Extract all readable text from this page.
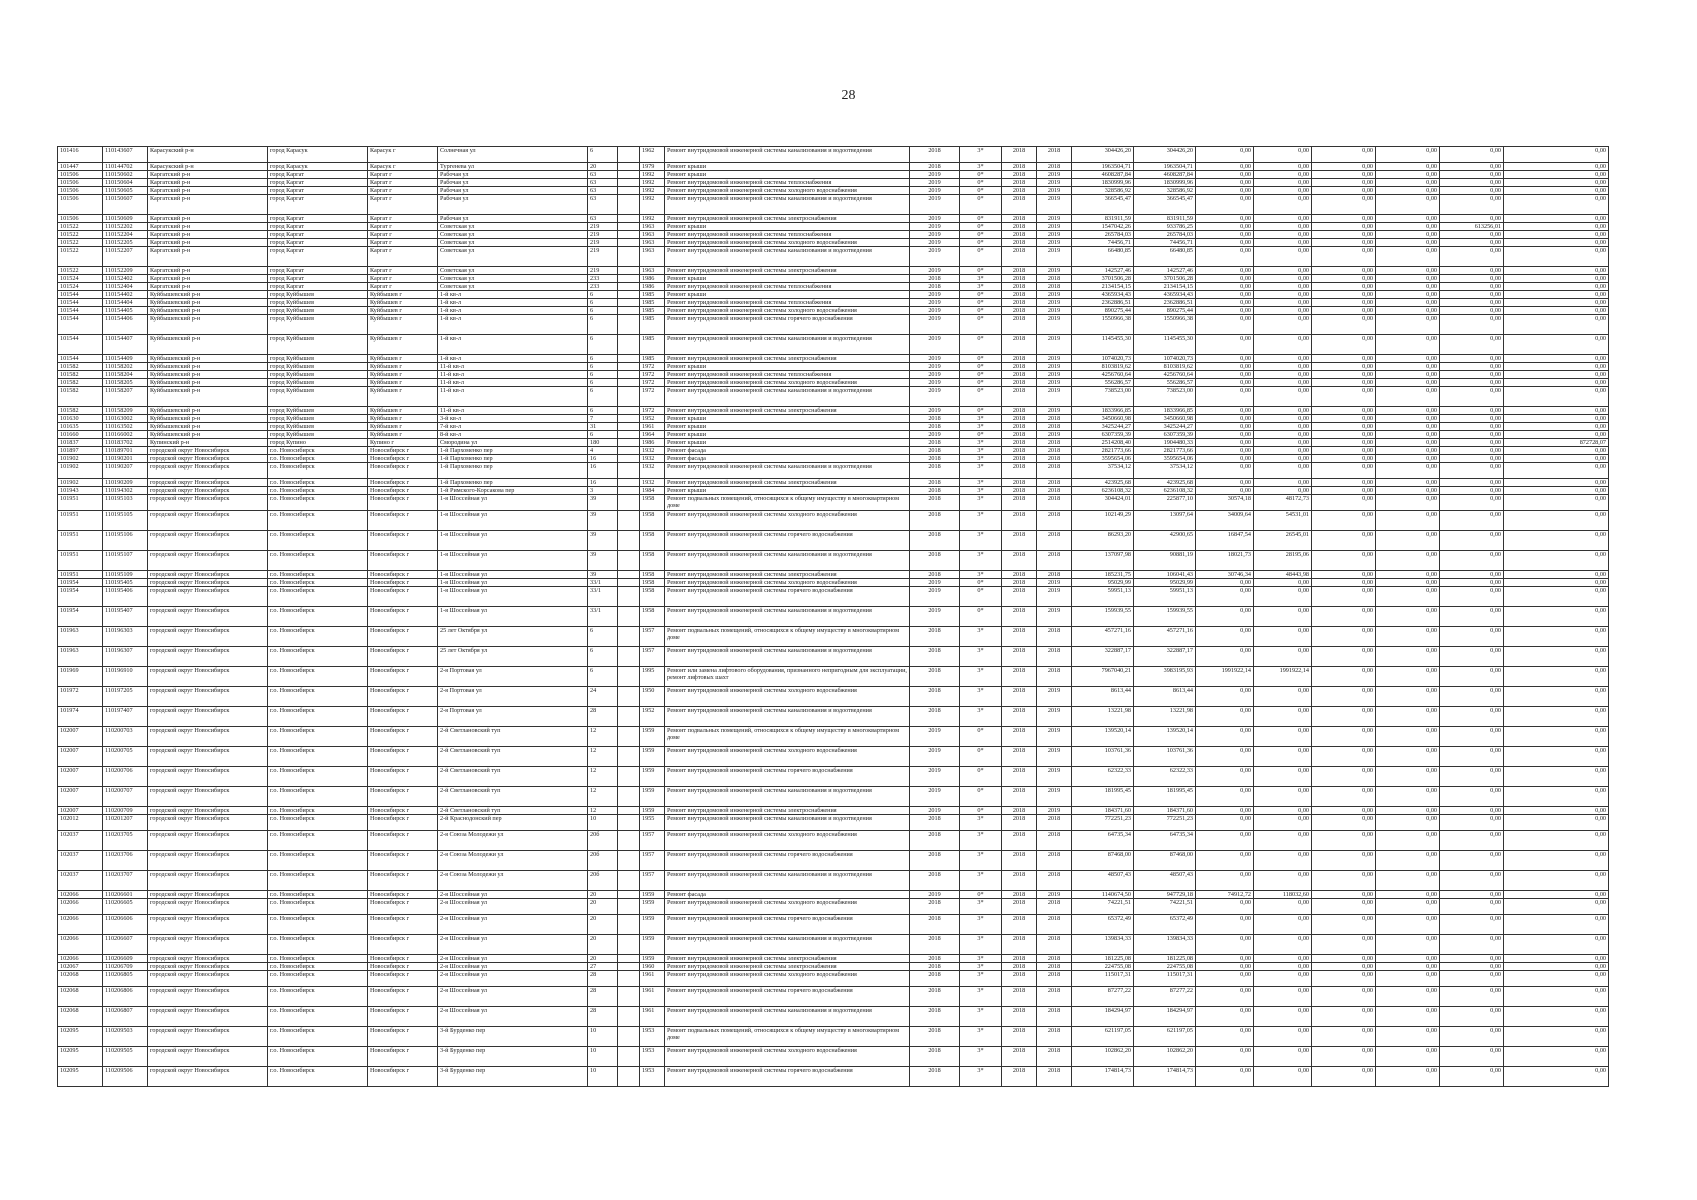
28
101416	110143607	Карасукский р-н	город Карасук	Карасук г	Солнечная ул	6		1962	Ремонт внутридомовой инженерной системы канализования и водоотведения	2018	3*	2018	2018	304426,20	304426,20	0,00	0,00	0,00	0,00	0,00	0,00
101447	110144702	Карасукский р-н	город Карасук	Карасук г	Тургенева ул	20		1979	Ремонт крыши	2018	3*	2018	2018	1963504,71	1963504,71	0,00	0,00	0,00	0,00	0,00	0,00
101506	110150602	Каргатский р-н	город Каргат	Каргат г	Рабочая ул	63		1992	Ремонт крыши	2019	0*	2018	2019	4608287,84	4608287,84	0,00	0,00	0,00	0,00	0,00	0,00
101506	110150604	Каргатский р-н	город Каргат	Каргат г	Рабочая ул	63		1992	Ремонт внутридомовой инженерной системы теплоснабжения	2019	0*	2018	2019	1830999,96	1830999,96	0,00	0,00	0,00	0,00	0,00	0,00
101506	110150605	Каргатский р-н	город Каргат	Каргат г	Рабочая ул	63		1992	Ремонт внутридомовой инженерной системы холодного водоснабжения	2019	0*	2018	2019	328586,92	328586,92	0,00	0,00	0,00	0,00	0,00	0,00
101506	110150607	Каргатский р-н	город Каргат	Каргат г	Рабочая ул	63		1992	Ремонт внутридомовой инженерной системы канализования и водоотведения	2019	0*	2018	2019	366545,47	366545,47	0,00	0,00	0,00	0,00	0,00	0,00
101506	110150609	Каргатский р-н	город Каргат	Каргат г	Рабочая ул	63		1992	Ремонт внутридомовой инженерной системы электроснабжения	2019	0*	2018	2019	831911,59	831911,59	0,00	0,00	0,00	0,00	0,00	0,00
101522	110152202	Каргатский р-н	город Каргат	Каргат г	Советская ул	219		1963	Ремонт крыши	2019	0*	2018	2019	1547042,26	933786,25	0,00	0,00	0,00	0,00	613256,01	0,00
101522	110152204	Каргатский р-н	город Каргат	Каргат г	Советская ул	219		1963	Ремонт внутридомовой инженерной системы теплоснабжения	2019	0*	2018	2019	265784,03	265784,03	0,00	0,00	0,00	0,00	0,00	0,00
101522	110152205	Каргатский р-н	город Каргат	Каргат г	Советская ул	219		1963	Ремонт внутридомовой инженерной системы холодного водоснабжения	2019	0*	2018	2019	74456,71	74456,71	0,00	0,00	0,00	0,00	0,00	0,00
101522	110152207	Каргатский р-н	город Каргат	Каргат г	Советская ул	219		1963	Ремонт внутридомовой инженерной системы канализования и водоотведения	2019	0*	2018	2019	66480,85	66480,85	0,00	0,00	0,00	0,00	0,00	0,00
101522	110152209	Каргатский р-н	город Каргат	Каргат г	Советская ул	219		1963	Ремонт внутридомовой инженерной системы электроснабжения	2019	0*	2018	2019	142527,46	142527,46	0,00	0,00	0,00	0,00	0,00	0,00
101524	110152402	Каргатский р-н	город Каргат	Каргат г	Советская ул	233		1986	Ремонт крыши	2018	3*	2018	2018	3701506,28	3701506,28	0,00	0,00	0,00	0,00	0,00	0,00
101524	110152404	Каргатский р-н	город Каргат	Каргат г	Советская ул	233		1986	Ремонт внутридомовой инженерной системы теплоснабжения	2018	3*	2018	2018	2134154,15	2134154,15	0,00	0,00	0,00	0,00	0,00	0,00
101544	110154402	Куйбышевский р-н	город Куйбышев	Куйбышев г	1-й кв-л	6		1985	Ремонт крыши	2019	0*	2018	2019	4365934,43	4365934,43	0,00	0,00	0,00	0,00	0,00	0,00
101544	110154404	Куйбышевский р-н	город Куйбышев	Куйбышев г	1-й кв-л	6		1985	Ремонт внутридомовой инженерной системы теплоснабжения	2019	0*	2018	2019	2362886,51	2362886,51	0,00	0,00	0,00	0,00	0,00	0,00
101544	110154405	Куйбышевский р-н	город Куйбышев	Куйбышев г	1-й кв-л	6		1985	Ремонт внутридомовой инженерной системы холодного водоснабжения	2019	0*	2018	2019	890275,44	890275,44	0,00	0,00	0,00	0,00	0,00	0,00
101544	110154406	Куйбышевский р-н	город Куйбышев	Куйбышев г	1-й кв-л	6		1985	Ремонт внутридомовой инженерной системы горячего водоснабжения	2019	0*	2018	2019	1550966,38	1550966,38	0,00	0,00	0,00	0,00	0,00	0,00
101544	110154407	Куйбышевский р-н	город Куйбышев	Куйбышев г	1-й кв-л	6		1985	Ремонт внутридомовой инженерной системы канализования и водоотведения	2019	0*	2018	2019	1145455,30	1145455,30	0,00	0,00	0,00	0,00	0,00	0,00
101544	110154409	Куйбышевский р-н	город Куйбышев	Куйбышев г	1-й кв-л	6		1985	Ремонт внутридомовой инженерной системы электроснабжения	2019	0*	2018	2019	1074020,73	1074020,73	0,00	0,00	0,00	0,00	0,00	0,00
101582	110158202	Куйбышевский р-н	город Куйбышев	Куйбышев г	11-й кв-л	6		1972	Ремонт крыши	2019	0*	2018	2019	8103819,62	8103819,62	0,00	0,00	0,00	0,00	0,00	0,00
101582	110158204	Куйбышевский р-н	город Куйбышев	Куйбышев г	11-й кв-л	6		1972	Ремонт внутридомовой инженерной системы теплоснабжения	2019	0*	2018	2019	4256760,64	4256760,64	0,00	0,00	0,00	0,00	0,00	0,00
101582	110158205	Куйбышевский р-н	город Куйбышев	Куйбышев г	11-й кв-л	6		1972	Ремонт внутридомовой инженерной системы холодного водоснабжения	2019	0*	2018	2019	556286,57	556286,57	0,00	0,00	0,00	0,00	0,00	0,00
101582	110158207	Куйбышевский р-н	город Куйбышев	Куйбышев г	11-й кв-л	6		1972	Ремонт внутридомовой инженерной системы канализования и водоотведения	2019	0*	2018	2019	738523,00	738523,00	0,00	0,00	0,00	0,00	0,00	0,00
101582	110158209	Куйбышевский р-н	город Куйбышев	Куйбышев г	11-й кв-л	6		1972	Ремонт внутридомовой инженерной системы электроснабжения	2019	0*	2018	2019	1833966,85	1833966,85	0,00	0,00	0,00	0,00	0,00	0,00
101630	110163002	Куйбышевский р-н	город Куйбышев	Куйбышев г	3-й кв-л	7		1952	Ремонт крыши	2018	3*	2018	2018	3450660,98	3450660,98	0,00	0,00	0,00	0,00	0,00	0,00
101635	110163502	Куйбышевский р-н	город Куйбышев	Куйбышев г	7-й кв-л	31		1961	Ремонт крыши	2018	3*	2018	2018	3425244,27	3425244,27	0,00	0,00	0,00	0,00	0,00	0,00
101660	110166002	Куйбышевский р-н	город Куйбышев	Куйбышев г	8-й кв-л	6		1964	Ремонт крыши	2019	0*	2018	2019	6307359,39	6307359,39	0,00	0,00	0,00	0,00	0,00	0,00
101837	110183702	Купинский р-н	город Купино	Купино г	Смородина ул	180		1986	Ремонт крыши	2018	3*	2018	2018	2514208,40	1904480,33	0,00	0,00	0,00	0,00	0,00	872728,07
101897	110189701	городской округ Новосибирск	г.о. Новосибирск	Новосибирск г	1-й Пархоменко пер	4		1932	Ремонт фасада	2018	3*	2018	2018	2821773,66	2821773,66	0,00	0,00	0,00	0,00	0,00	0,00
101902	110190201	городской округ Новосибирск	г.о. Новосибирск	Новосибирск г	1-й Пархоменко пер	16		1932	Ремонт фасада	2018	3*	2018	2018	3595654,06	3595654,06	0,00	0,00	0,00	0,00	0,00	0,00
101902	110190207	городской округ Новосибирск	г.о. Новосибирск	Новосибирск г	1-й Пархоменко пер	16		1932	Ремонт внутридомовой инженерной системы канализования и водоотведения	2018	3*	2018	2018	37534,12	37534,12	0,00	0,00	0,00	0,00	0,00	0,00
101902	110190209	городской округ Новосибирск	г.о. Новосибирск	Новосибирск г	1-й Пархоменко пер	16		1932	Ремонт внутридомовой инженерной системы электроснабжения	2018	3*	2018	2018	423925,68	423925,68	0,00	0,00	0,00	0,00	0,00	0,00
101943	110194302	городской округ Новосибирск	г.о. Новосибирск	Новосибирск г	1-й Римского-Корсакова пер	3		1984	Ремонт крыши	2018	3*	2018	2018	6236108,32	6236108,32	0,00	0,00	0,00	0,00	0,00	0,00
101951	110195103	городской округ Новосибирск	г.о. Новосибирск	Новосибирск г	1-я Шоссейная ул	39		1958	Ремонт подвальных помещений, относящихся к общему имуществу в многоквартирном доме	2018	3*	2018	2018	304424,01	225877,10	30574,18	48172,73	0,00	0,00	0,00	0,00
101951	110195105	городской округ Новосибирск	г.о. Новосибирск	Новосибирск г	1-я Шоссейная ул	39		1958	Ремонт внутридомовой инженерной системы холодного водоснабжения	2018	3*	2018	2018	102149,29	13097,64	34009,64	54531,01	0,00	0,00	0,00	0,00
101951	110195106	городской округ Новосибирск	г.о. Новосибирск	Новосибирск г	1-я Шоссейная ул	39		1958	Ремонт внутридомовой инженерной системы горячего водоснабжения	2018	3*	2018	2018	86293,20	42900,65	16847,54	26545,01	0,00	0,00	0,00	0,00
101951	110195107	городской округ Новосибирск	г.о. Новосибирск	Новосибирск г	1-я Шоссейная ул	39		1958	Ремонт внутридомовой инженерной системы канализования и водоотведения	2018	3*	2018	2018	137097,98	90881,19	18021,73	28195,06	0,00	0,00	0,00	0,00
101951	110195109	городской округ Новосибирск	г.о. Новосибирск	Новосибирск г	1-я Шоссейная ул	39		1958	Ремонт внутридомовой инженерной системы электроснабжения	2018	3*	2018	2018	185231,75	106041,43	30746,34	48443,98	0,00	0,00	0,00	0,00
101954	110195405	городской округ Новосибирск	г.о. Новосибирск	Новосибирск г	1-я Шоссейная ул	33/1		1958	Ремонт внутридомовой инженерной системы холодного водоснабжения	2019	0*	2018	2019	95029,99	95029,99	0,00	0,00	0,00	0,00	0,00	0,00
101954	110195406	городской округ Новосибирск	г.о. Новосибирск	Новосибирск г	1-я Шоссейная ул	33/1		1958	Ремонт внутридомовой инженерной системы горячего водоснабжения	2019	0*	2018	2019	59951,13	59951,13	0,00	0,00	0,00	0,00	0,00	0,00
101954	110195407	городской округ Новосибирск	г.о. Новосибирск	Новосибирск г	1-я Шоссейная ул	33/1		1958	Ремонт внутридомовой инженерной системы канализования и водоотведения	2019	0*	2018	2019	159939,55	159939,55	0,00	0,00	0,00	0,00	0,00	0,00
101963	110196303	городской округ Новосибирск	г.о. Новосибирск	Новосибирск г	25 лет Октября ул	6		1957	Ремонт подвальных помещений, относящихся к общему имуществу в многоквартирном доме	2018	3*	2018	2018	457271,16	457271,16	0,00	0,00	0,00	0,00	0,00	0,00
101963	110196307	городской округ Новосибирск	г.о. Новосибирск	Новосибирск г	25 лет Октября ул	6		1957	Ремонт внутридомовой инженерной системы канализования и водоотведения	2018	3*	2018	2018	322887,17	322887,17	0,00	0,00	0,00	0,00	0,00	0,00
101969	110196910	городской округ Новосибирск	г.о. Новосибирск	Новосибирск г	2-я Портовая ул	6		1995	Ремонт или замена лифтового оборудования, признанного непригодным для эксплуатации, ремонт лифтовых шахт	2018	3*	2018	2018	7967040,21	3983195,93	1991922,14	1991922,14	0,00	0,00	0,00	0,00
101972	110197205	городской округ Новосибирск	г.о. Новосибирск	Новосибирск г	2-я Портовая ул	24		1950	Ремонт внутридомовой инженерной системы холодного водоснабжения	2018	3*	2018	2019	8613,44	8613,44	0,00	0,00	0,00	0,00	0,00	0,00
101974	110197407	городской округ Новосибирск	г.о. Новосибирск	Новосибирск г	2-я Портовая ул	28		1952	Ремонт внутридомовой инженерной системы канализования и водоотведения	2018	3*	2018	2019	13221,98	13221,98	0,00	0,00	0,00	0,00	0,00	0,00
102007	110200703	городской округ Новосибирск	г.о. Новосибирск	Новосибирск г	2-й Светлановский туп	12		1959	Ремонт подвальных помещений, относящихся к общему имуществу в многоквартирном доме	2019	0*	2018	2019	139520,14	139520,14	0,00	0,00	0,00	0,00	0,00	0,00
102007	110200705	городской округ Новосибирск	г.о. Новосибирск	Новосибирск г	2-й Светлановский туп	12		1959	Ремонт внутридомовой инженерной системы холодного водоснабжения	2019	0*	2018	2019	103761,36	103761,36	0,00	0,00	0,00	0,00	0,00	0,00
102007	110200706	городской округ Новосибирск	г.о. Новосибирск	Новосибирск г	2-й Светлановский туп	12		1959	Ремонт внутридомовой инженерной системы горячего водоснабжения	2019	0*	2018	2019	62322,33	62322,33	0,00	0,00	0,00	0,00	0,00	0,00
102007	110200707	городской округ Новосибирск	г.о. Новосибирск	Новосибирск г	2-й Светлановский туп	12		1959	Ремонт внутридомовой инженерной системы канализования и водоотведения	2019	0*	2018	2019	181995,45	181995,45	0,00	0,00	0,00	0,00	0,00	0,00
102007	110200709	городской округ Новосибирск	г.о. Новосибирск	Новосибирск г	2-й Светлановский туп	12		1959	Ремонт внутридомовой инженерной системы электроснабжения	2019	0*	2018	2019	184371,60	184371,60	0,00	0,00	0,00	0,00	0,00	0,00
102012	110201207	городской округ Новосибирск	г.о. Новосибирск	Новосибирск г	2-й Краснодонский пер	10		1955	Ремонт внутридомовой инженерной системы канализования и водоотведения	2018	3*	2018	2018	772251,23	772251,23	0,00	0,00	0,00	0,00	0,00	0,00
102037	110203705	городской округ Новосибирск	г.о. Новосибирск	Новосибирск г	2-я Союза Молодежи ул	20б		1957	Ремонт внутридомовой инженерной системы холодного водоснабжения	2018	3*	2018	2018	64735,34	64735,34	0,00	0,00	0,00	0,00	0,00	0,00
102037	110203706	городской округ Новосибирск	г.о. Новосибирск	Новосибирск г	2-я Союза Молодежи ул	20б		1957	Ремонт внутридомовой инженерной системы горячего водоснабжения	2018	3*	2018	2018	87468,00	87468,00	0,00	0,00	0,00	0,00	0,00	0,00
102037	110203707	городской округ Новосибирск	г.о. Новосибирск	Новосибирск г	2-я Союза Молодежи ул	20б		1957	Ремонт внутридомовой инженерной системы канализования и водоотведения	2018	3*	2018	2018	48507,43	48507,43	0,00	0,00	0,00	0,00	0,00	0,00
102066	110206601	городской округ Новосибирск	г.о. Новосибирск	Новосибирск г	2-я Шоссейная ул	20		1959	Ремонт фасада	2019	0*	2018	2019	1140674,50	947729,18	74912,72	118032,60	0,00	0,00	0,00	0,00
102066	110206605	городской округ Новосибирск	г.о. Новосибирск	Новосибирск г	2-я Шоссейная ул	20		1959	Ремонт внутридомовой инженерной системы холодного водоснабжения	2018	3*	2018	2018	74221,51	74221,51	0,00	0,00	0,00	0,00	0,00	0,00
102066	110206606	городской округ Новосибирск	г.о. Новосибирск	Новосибирск г	2-я Шоссейная ул	20		1959	Ремонт внутридомовой инженерной системы горячего водоснабжения	2018	3*	2018	2018	65372,49	65372,49	0,00	0,00	0,00	0,00	0,00	0,00
102066	110206607	городской округ Новосибирск	г.о. Новосибирск	Новосибирск г	2-я Шоссейная ул	20		1959	Ремонт внутридомовой инженерной системы канализования и водоотведения	2018	3*	2018	2018	139834,33	139834,33	0,00	0,00	0,00	0,00	0,00	0,00
102066	110206609	городской округ Новосибирск	г.о. Новосибирск	Новосибирск г	2-я Шоссейная ул	20		1959	Ремонт внутридомовой инженерной системы электроснабжения	2018	3*	2018	2018	181225,08	181225,08	0,00	0,00	0,00	0,00	0,00	0,00
102067	110206709	городской округ Новосибирск	г.о. Новосибирск	Новосибирск г	2-я Шоссейная ул	27		1960	Ремонт внутридомовой инженерной системы электроснабжения	2018	3*	2018	2018	224755,08	224755,08	0,00	0,00	0,00	0,00	0,00	0,00
102068	110206805	городской округ Новосибирск	г.о. Новосибирск	Новосибирск г	2-я Шоссейная ул	28		1961	Ремонт внутридомовой инженерной системы холодного водоснабжения	2018	3*	2018	2018	115017,31	115017,31	0,00	0,00	0,00	0,00	0,00	0,00
102068	110206806	городской округ Новосибирск	г.о. Новосибирск	Новосибирск г	2-я Шоссейная ул	28		1961	Ремонт внутридомовой инженерной системы горячего водоснабжения	2018	3*	2018	2018	87277,22	87277,22	0,00	0,00	0,00	0,00	0,00	0,00
102068	110206807	городской округ Новосибирск	г.о. Новосибирск	Новосибирск г	2-я Шоссейная ул	28		1961	Ремонт внутридомовой инженерной системы канализования и водоотведения	2018	3*	2018	2018	184294,97	184294,97	0,00	0,00	0,00	0,00	0,00	0,00
102095	110209503	городской округ Новосибирск	г.о. Новосибирск	Новосибирск г	3-й Бурденко пер	10		1953	Ремонт подвальных помещений, относящихся к общему имуществу в многоквартирном доме	2018	3*	2018	2018	621197,05	621197,05	0,00	0,00	0,00	0,00	0,00	0,00
102095	110209505	городской округ Новосибирск	г.о. Новосибирск	Новосибирск г	3-й Бурденко пер	10		1953	Ремонт внутридомовой инженерной системы холодного водоснабжения	2018	3*	2018	2018	102862,20	102862,20	0,00	0,00	0,00	0,00	0,00	0,00
102095	110209506	городской округ Новосибирск	г.о. Новосибирск	Новосибирск г	3-й Бурденко пер	10		1953	Ремонт внутридомовой инженерной системы горячего водоснабжения	2018	3*	2018	2018	174814,73	174814,73	0,00	0,00	0,00	0,00	0,00	0,00
